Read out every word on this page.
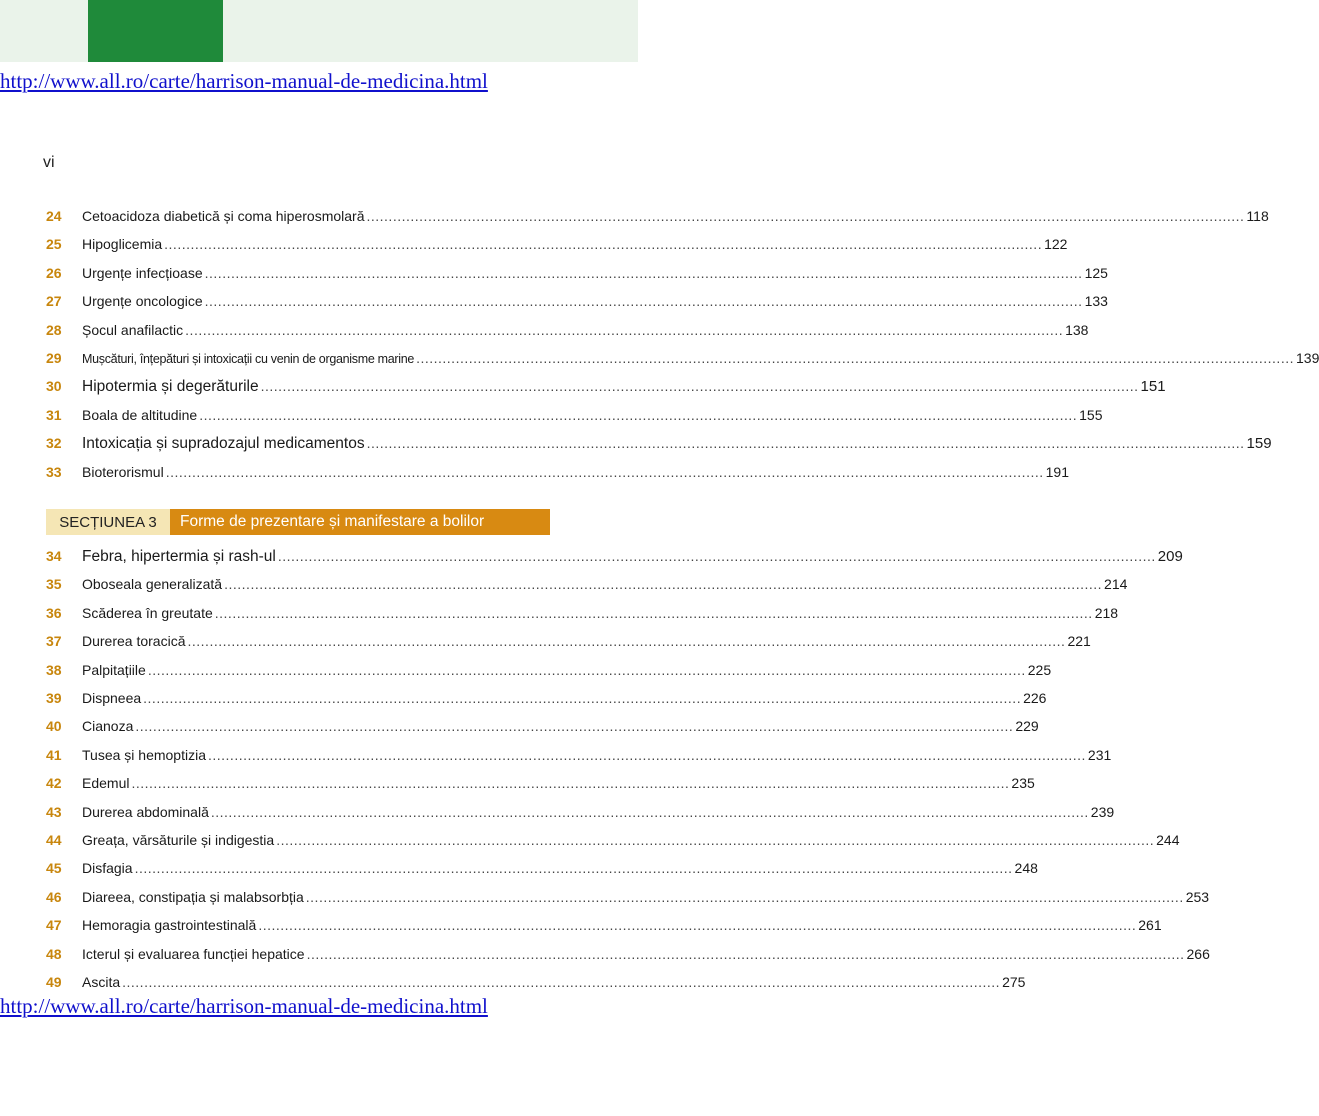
http://www.all.ro/carte/harrison-manual-de-medicina.html
vi
24	Cetoacidoza diabetică și coma hiperosmolară ........................................................................................................................................................................................................ 118
25	Hipoglicemia ........................................................................................................................................................................................................ 122
26	Urgențe infecțioase ........................................................................................................................................................................................................ 125
27	Urgențe oncologice ........................................................................................................................................................................................................ 133
28	Șocul anafilactic ........................................................................................................................................................................................................ 138
29	Mușcături, înțepături și intoxicații cu venin de organisme marine ........................................................................................................................................................................................................ 139
30	Hipotermia și degerăturile ........................................................................................................................................................................................................ 151
31	Boala de altitudine ........................................................................................................................................................................................................ 155
32	Intoxicația și supradozajul medicamentos ........................................................................................................................................................................................................ 159
33	Bioterorismul ........................................................................................................................................................................................................ 191
SECȚIUNEA 3	Forme de prezentare și manifestare a bolilor
34	Febra, hipertermia și rash-ul ........................................................................................................................................................................................................ 209
35	Oboseala generalizată ........................................................................................................................................................................................................ 214
36	Scăderea în greutate ........................................................................................................................................................................................................ 218
37	Durerea toracică ........................................................................................................................................................................................................ 221
38	Palpitațiile ........................................................................................................................................................................................................ 225
39	Dispneea ........................................................................................................................................................................................................ 226
40	Cianoza ........................................................................................................................................................................................................ 229
41	Tusea și hemoptizia ........................................................................................................................................................................................................ 231
42	Edemul ........................................................................................................................................................................................................ 235
43	Durerea abdominală ........................................................................................................................................................................................................ 239
44	Greața, vărsăturile și indigestia ........................................................................................................................................................................................................ 244
45	Disfagia ........................................................................................................................................................................................................ 248
46	Diareea, constipația și malabsorbția ........................................................................................................................................................................................................ 253
47	Hemoragia gastrointestinală ........................................................................................................................................................................................................ 261
48	Icterul și evaluarea funcției hepatice ........................................................................................................................................................................................................ 266
49	Ascita ........................................................................................................................................................................................................ 275
http://www.all.ro/carte/harrison-manual-de-medicina.html
